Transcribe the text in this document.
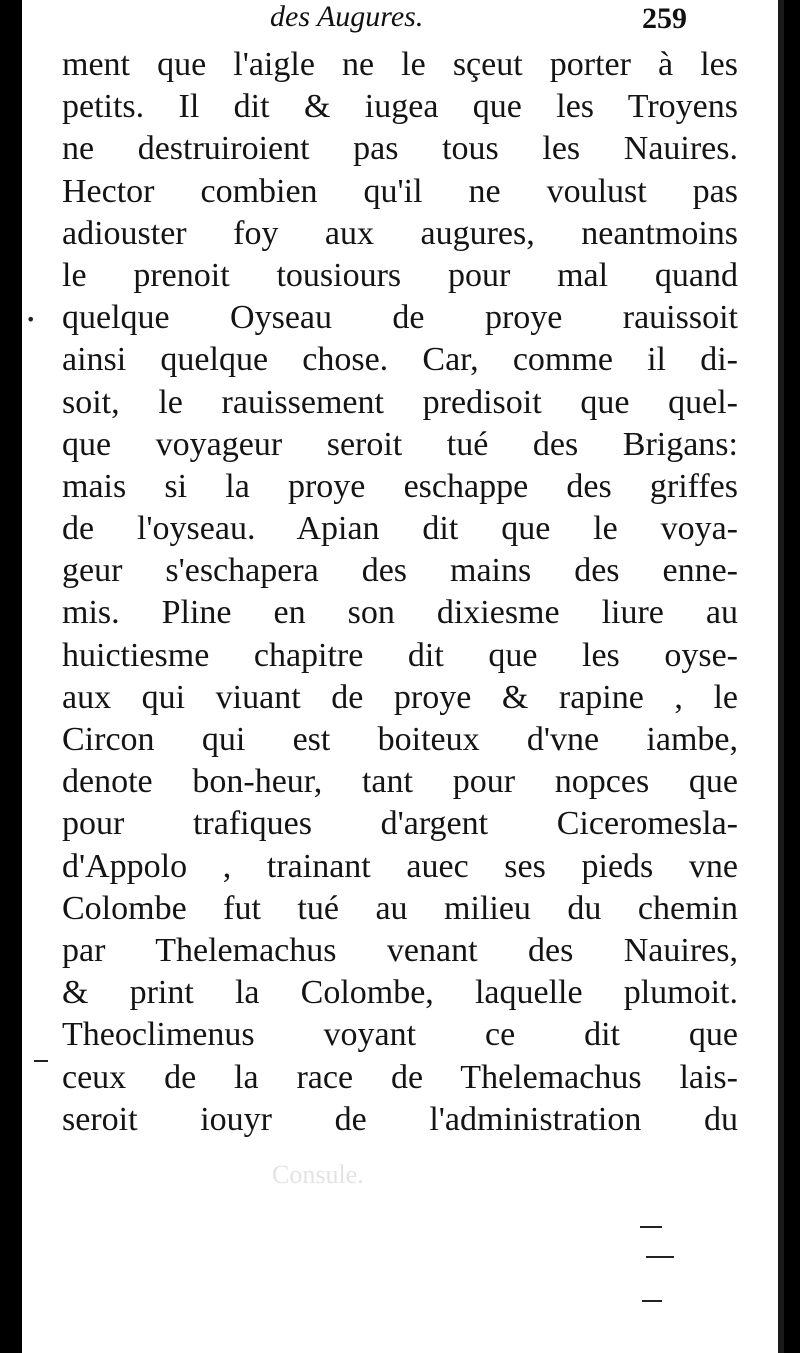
des Augures.	259
ment que l'aigle ne le sçeut porter à les
petits. Il dit & iugea que les Troyens
ne destruiroient pas tous les Nauires.
Hector combien qu'il ne voulust pas
adiouster foy aux augures, neantmoins
le prenoit tousiours pour mal quand
quelque Oyseau de proye rauissoit
ainsi quelque chose. Car, comme il di-
soit, le rauissement predisoit que quel-
que voyageur seroit tué des Brigans:
mais si la proye eschappe des griffes
de l'oyseau. Apian dit que le voya-
geur s'eschapera des mains des enne-
mis. Pline en son dixiesme liure au
huictiesme chapitre dit que les oyse-
aux qui viuant de proye & rapine , le
Circon qui est boiteux d'vne iambe,
denote bon-heur, tant pour nopces que
pour trafiques d'argent Ciceromesla-
d'Appolo , trainant auec ses pieds vne
Colombe fut tué au milieu du chemin
par Thelemachus venant des Nauires,
& print la Colombe, laquelle plumoit.
Theoclimenus voyant ce dit que
ceux de la race de Thelemachus lais-
seroit iouyr de l'administration du
Consule.
•
